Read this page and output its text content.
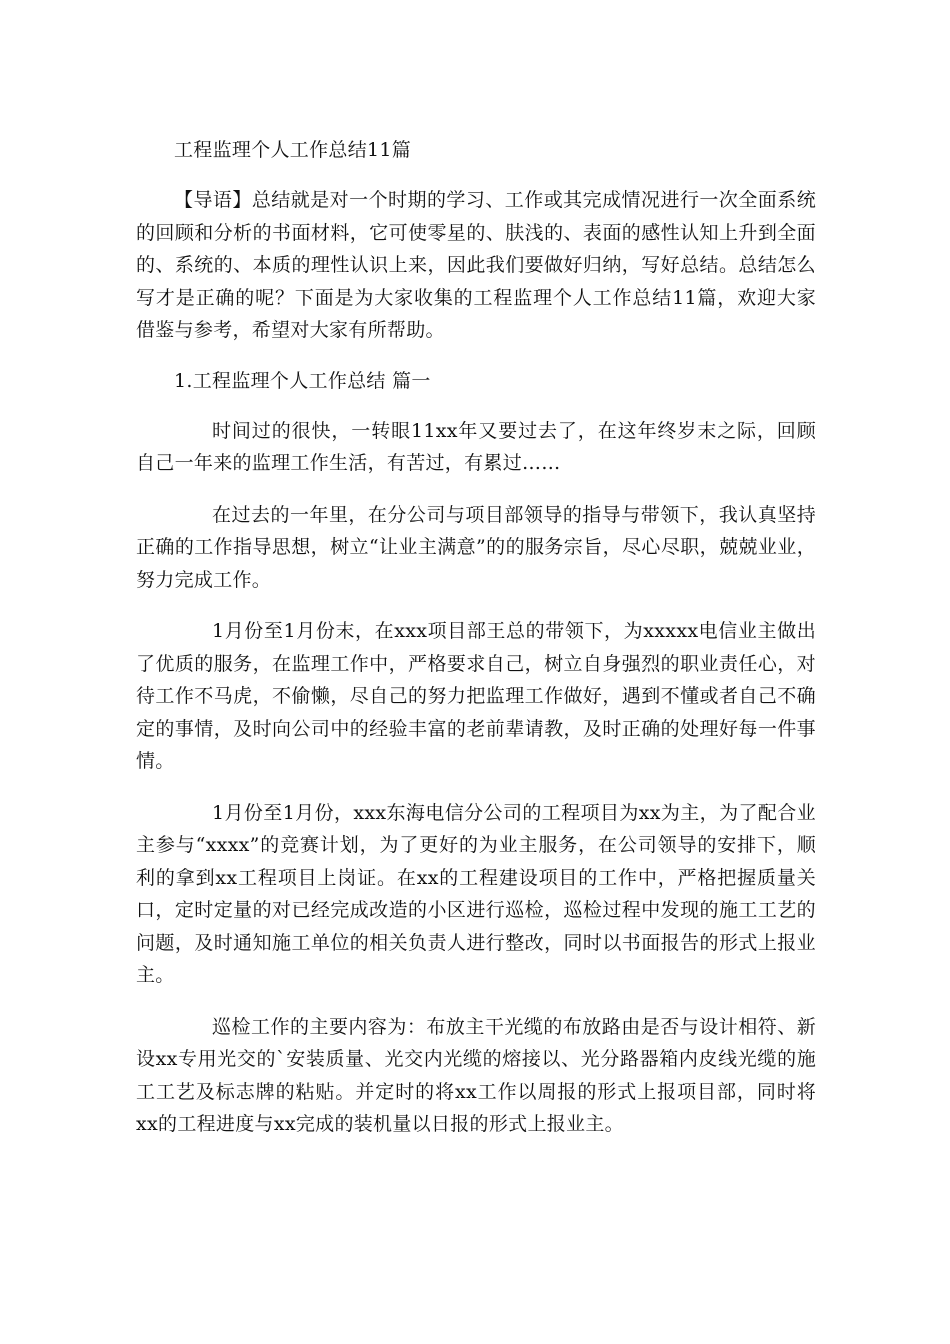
工程监理个人工作总结11篇

【导语】总结就是对一个时期的学习、工作或其完成情况进行一次全面系统的回顾和分析的书面材料，它可使零星的、肤浅的、表面的感性认知上升到全面的、系统的、本质的理性认识上来，因此我们要做好归纳，写好总结。总结怎么写才是正确的呢？下面是为大家收集的工程监理个人工作总结11篇，欢迎大家借鉴与参考，希望对大家有所帮助。

1.工程监理个人工作总结 篇一

时间过的很快，一转眼11xx年又要过去了，在这年终岁末之际，回顾自己一年来的监理工作生活，有苦过，有累过……

在过去的一年里，在分公司与项目部领导的指导与带领下，我认真坚持正确的工作指导思想，树立“让业主满意”的的服务宗旨，尽心尽职，兢兢业业，努力完成工作。

1月份至1月份末，在xxx项目部王总的带领下，为xxxxx电信业主做出了优质的服务，在监理工作中，严格要求自己，树立自身强烈的职业责任心，对待工作不马虎，不偷懒，尽自己的努力把监理工作做好，遇到不懂或者自己不确定的事情，及时向公司中的经验丰富的老前辈请教，及时正确的处理好每一件事情。

1月份至1月份，xxx东海电信分公司的工程项目为xx为主，为了配合业主参与“xxxx”的竞赛计划，为了更好的为业主服务，在公司领导的安排下，顺利的拿到xx工程项目上岗证。在xx的工程建设项目的工作中，严格把握质量关口，定时定量的对已经完成改造的小区进行巡检，巡检过程中发现的施工工艺的问题，及时通知施工单位的相关负责人进行整改，同时以书面报告的形式上报业主。

巡检工作的主要内容为：布放主干光缆的布放路由是否与设计相符、新设xx专用光交的`安装质量、光交内光缆的熔接以、光分路器箱内皮线光缆的施工工艺及标志牌的粘贴。并定时的将xx工作以周报的形式上报项目部，同时将xx的工程进度与xx完成的装机量以日报的形式上报业主。
